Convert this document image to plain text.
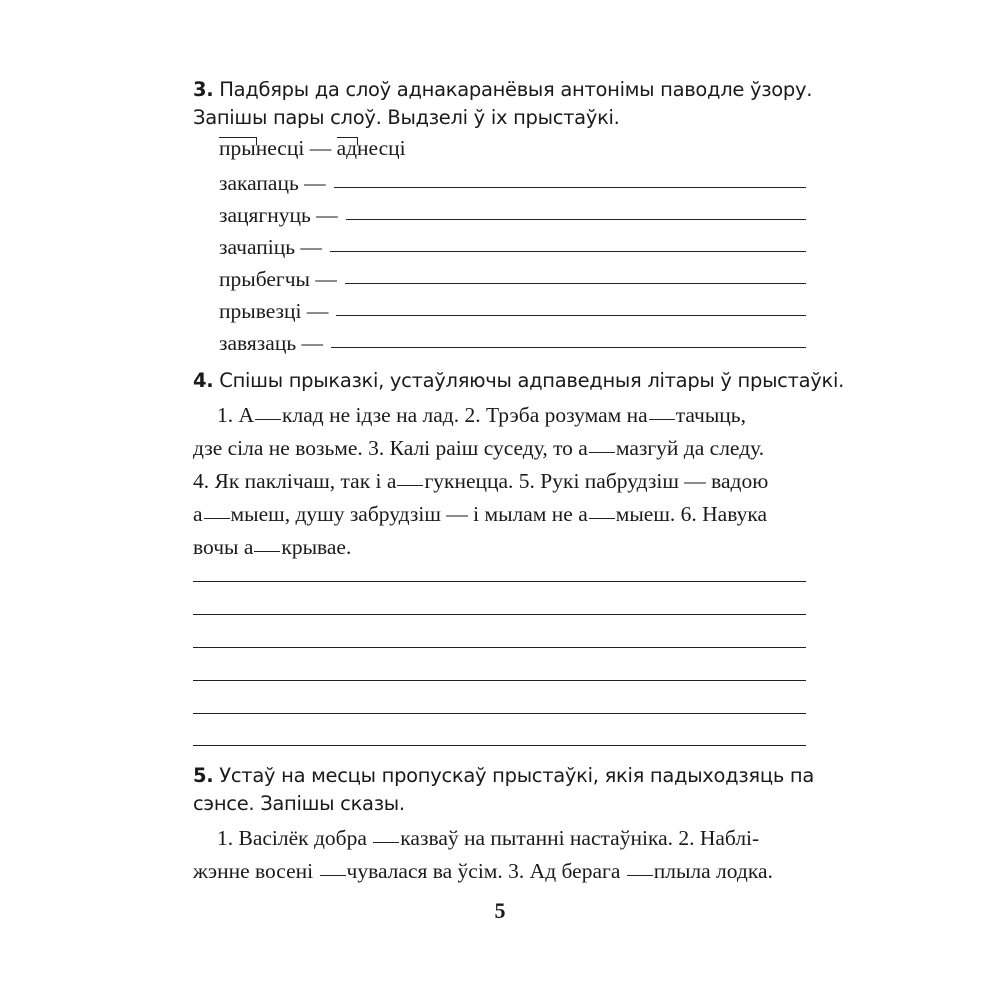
3. Падбяры да слоў аднакаранёвыя антонімы паводле ўзору.
Запішы пары слоў. Выдзелі ў іх прыстаўкі.
прынесці — аднесці
закапаць —
зацягнуць —
зачапіць —
прыбегчы —
прывезці —
завязаць —
4. Спішы прыказкі, устаўляючы адпаведныя літары ў прыстаўкі.
1. А клад не ідзе на лад. 2. Трэба розумам на тачыць,
дзе сіла не возьме. 3. Калі раіш суседу, то а мазгуй да следу.
4. Як паклічаш, так і а гукнецца. 5. Рукі пабрудзіш — вадою
а мыеш, душу забрудзіш — і мылам не а мыеш. 6. Навука
вочы а крывае.
5. Устаў на месцы пропускаў прыстаўкі, якія падыходзяць па
сэнсе. Запішы сказы.
1. Васілёк добра казваў на пытанні настаўніка. 2. Наблі-
жэнне восені чувалася ва ўсім. 3. Ад берага плыла лодка.
5
